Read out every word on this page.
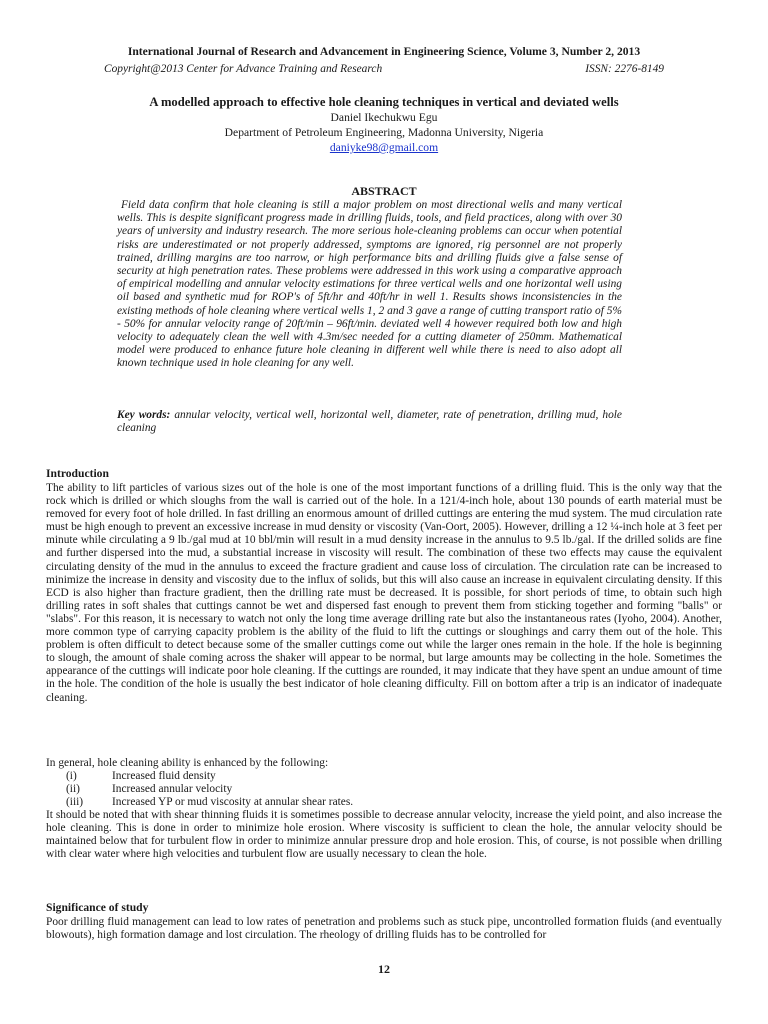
International Journal of Research and Advancement in Engineering Science, Volume 3, Number 2, 2013
Copyright@2013 Center for Advance Training and Research	ISSN: 2276-8149
A modelled approach to effective hole cleaning techniques in vertical and deviated wells
Daniel Ikechukwu Egu
Department of Petroleum Engineering, Madonna University, Nigeria
daniyke98@gmail.com
ABSTRACT

Field data confirm that hole cleaning is still a major problem on most directional wells and many vertical wells. This is despite significant progress made in drilling fluids, tools, and field practices, along with over 30 years of university and industry research. The more serious hole-cleaning problems can occur when potential risks are underestimated or not properly addressed, symptoms are ignored, rig personnel are not properly trained, drilling margins are too narrow, or high performance bits and drilling fluids give a false sense of security at high penetration rates. These problems were addressed in this work using a comparative approach of empirical modelling and annular velocity estimations for three vertical wells and one horizontal well using oil based and synthetic mud for ROP's of 5ft/hr and 40ft/hr in well 1. Results shows inconsistencies in the existing methods of hole cleaning where vertical wells 1, 2 and 3 gave a range of cutting transport ratio of 5% - 50% for annular velocity range of 20ft/min – 96ft/min. deviated well 4 however required both low and high velocity to adequately clean the well with 4.3m/sec needed for a cutting diameter of 250mm. Mathematical model were produced to enhance future hole cleaning in different well while there is need to also adopt all known technique used in hole cleaning for any well.

Key words: annular velocity, vertical well, horizontal well, diameter, rate of penetration, drilling mud, hole cleaning

Introduction

The ability to lift particles of various sizes out of the hole is one of the most important functions of a drilling fluid. This is the only way that the rock which is drilled or which sloughs from the wall is carried out of the hole. In a 121/4-inch hole, about 130 pounds of earth material must be removed for every foot of hole drilled. In fast drilling an enormous amount of drilled cuttings are entering the mud system. The mud circulation rate must be high enough to prevent an excessive increase in mud density or viscosity (Van-Oort, 2005). However, drilling a 12 ¼-inch hole at 3 feet per minute while circulating a 9 lb./gal mud at 10 bbl/min will result in a mud density increase in the annulus to 9.5 lb./gal. If the drilled solids are fine and further dispersed into the mud, a substantial increase in viscosity will result. The combination of these two effects may cause the equivalent circulating density of the mud in the annulus to exceed the fracture gradient and cause loss of circulation. The circulation rate can be increased to minimize the increase in density and viscosity due to the influx of solids, but this will also cause an increase in equivalent circulating density. If this ECD is also higher than fracture gradient, then the drilling rate must be decreased. It is possible, for short periods of time, to obtain such high drilling rates in soft shales that cuttings cannot be wet and dispersed fast enough to prevent them from sticking together and forming "balls" or "slabs". For this reason, it is necessary to watch not only the long time average drilling rate but also the instantaneous rates (Iyoho, 2004). Another, more common type of carrying capacity problem is the ability of the fluid to lift the cuttings or sloughings and carry them out of the hole. This problem is often difficult to detect because some of the smaller cuttings come out while the larger ones remain in the hole. If the hole is beginning to slough, the amount of shale coming across the shaker will appear to be normal, but large amounts may be collecting in the hole. Sometimes the appearance of the cuttings will indicate poor hole cleaning. If the cuttings are rounded, it may indicate that they have spent an undue amount of time in the hole. The condition of the hole is usually the best indicator of hole cleaning difficulty. Fill on bottom after a trip is an indicator of inadequate cleaning.

In general, hole cleaning ability is enhanced by the following:

(i)	Increased fluid density
(ii)	Increased annular velocity
(iii)	Increased YP or mud viscosity at annular shear rates.

It should be noted that with shear thinning fluids it is sometimes possible to decrease annular velocity, increase the yield point, and also increase the hole cleaning. This is done in order to minimize hole erosion. Where viscosity is sufficient to clean the hole, the annular velocity should be maintained below that for turbulent flow in order to minimize annular pressure drop and hole erosion. This, of course, is not possible when drilling with clear water where high velocities and turbulent flow are usually necessary to clean the hole.

Significance of study

Poor drilling fluid management can lead to low rates of penetration and problems such as stuck pipe, uncontrolled formation fluids (and eventually blowouts), high formation damage and lost circulation. The rheology of drilling fluids has to be controlled for

12
